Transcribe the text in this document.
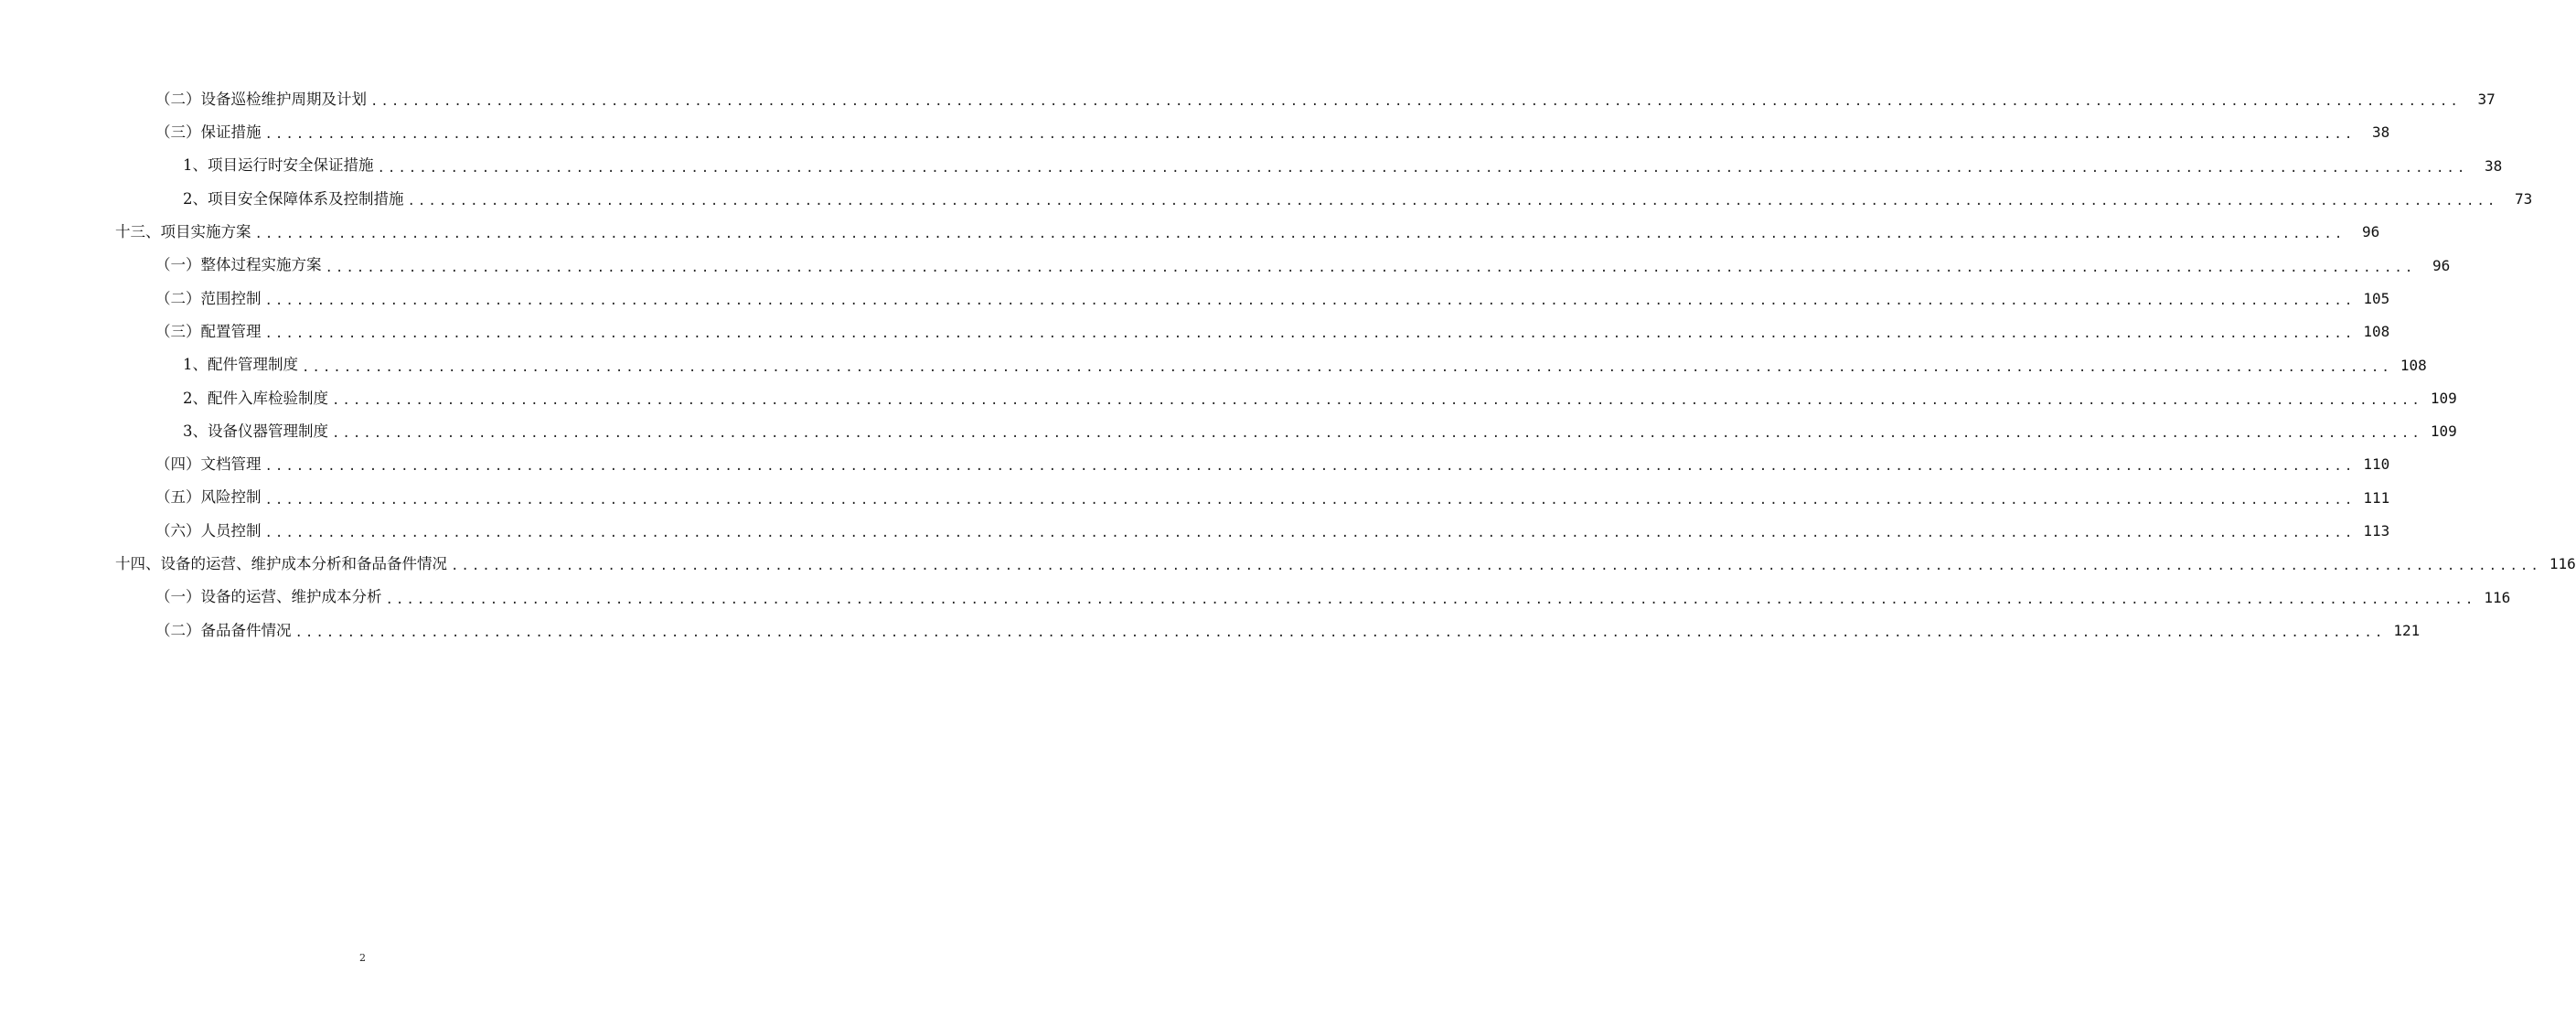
（二）设备巡检维护周期及计划 ........................................................................................................................................................................................................	37
（三）保证措施 ........................................................................................................................................................................................................	38
1、项目运行时安全保证措施 ........................................................................................................................................................................................................	38
2、项目安全保障体系及控制措施 ........................................................................................................................................................................................................	73
十三、项目实施方案 ........................................................................................................................................................................................................	96
（一）整体过程实施方案 ........................................................................................................................................................................................................	96
（二）范围控制 ........................................................................................................................................................................................................ 105
（三）配置管理 ........................................................................................................................................................................................................ 108
1、配件管理制度 ........................................................................................................................................................................................................ 108
2、配件入库检验制度 ........................................................................................................................................................................................................ 109
3、设备仪器管理制度 ........................................................................................................................................................................................................ 109
（四）文档管理 ........................................................................................................................................................................................................ 110
（五）风险控制 ........................................................................................................................................................................................................ 111
（六）人员控制 ........................................................................................................................................................................................................ 113
十四、设备的运营、维护成本分析和备品备件情况 ........................................................................................................................................................................................................ 116
（一）设备的运营、维护成本分析 ........................................................................................................................................................................................................ 116
（二）备品备件情况 ........................................................................................................................................................................................................ 121
2
